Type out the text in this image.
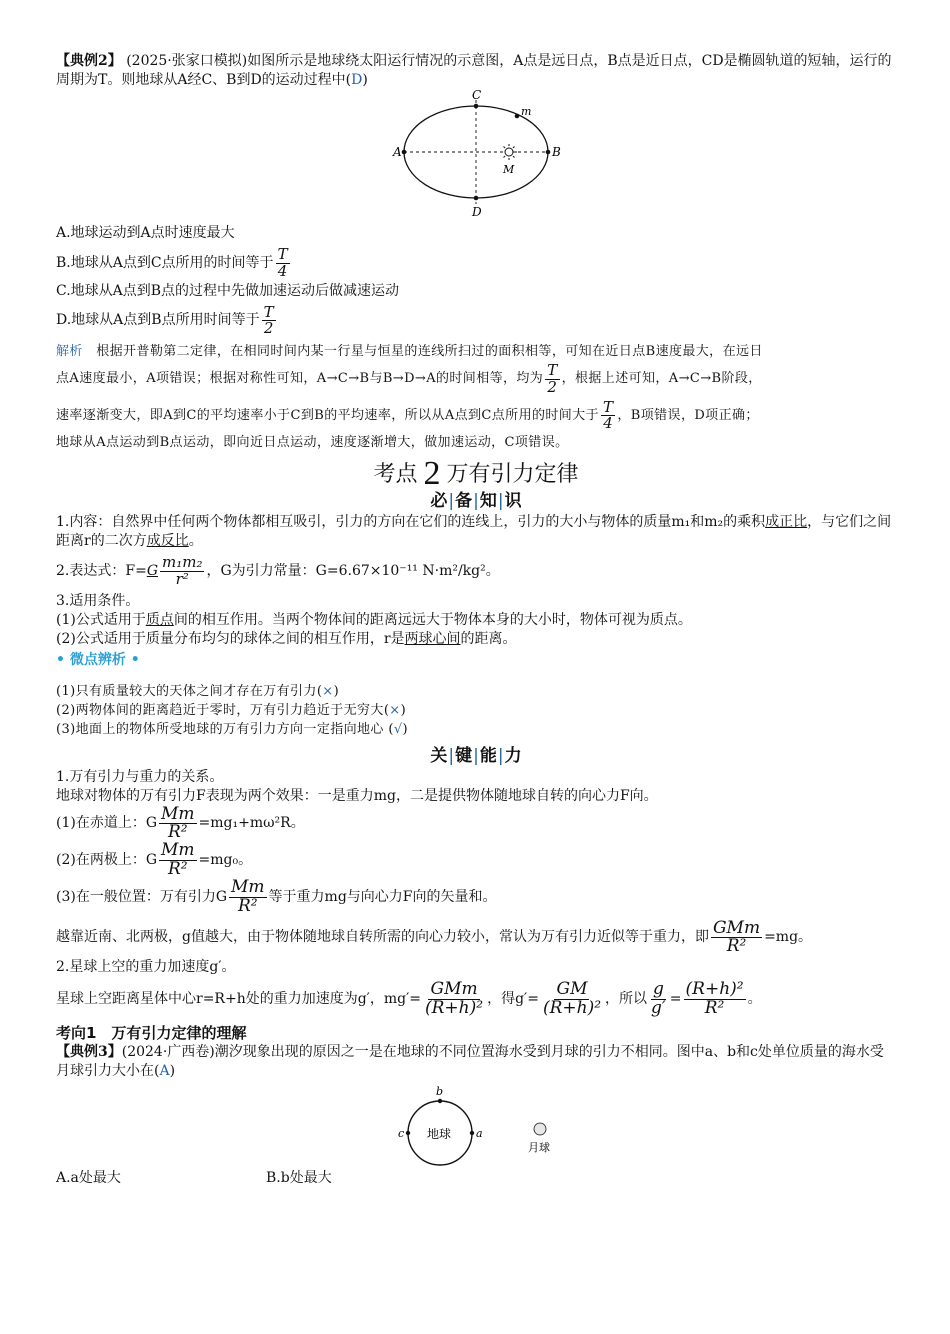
【典例2】 (2025·张家口模拟)如图所示是地球绕太阳运行情况的示意图，A点是远日点，B点是近日点，CD是椭圆轨道的短轴，运行的周期为T。则地球从A经C、B到D的运动过程中(D)

A	B
C
D
M
m

A.地球运动到A点时速度最大

B.地球从A点到C点所用的时间等于 $\frac{T}{4}$

C.地球从A点到B点的过程中先做加速运动后做减速运动

D.地球从A点到B点所用时间等于 $\frac{T}{2}$

解析　 根据开普勒第二定律，在相同时间内某一行星与恒星的连线所扫过的面积相等，可知在近日点B速度最大，在远日
点A速度最小，A项错误；根据对称性可知，A→C→B与B→D→A的时间相等，均为 $\frac{T}{2}$ ，根据上述可知，A→C→B阶段，
速率逐渐变大，即A到C的平均速率小于C到B的平均速率，所以从A点到C点所用的时间大于 $\frac{T}{4}$ ，B项错误，D项正确；
地球从A点运动到B点运动，即向近日点运动，速度逐渐增大，做加速运动，C项错误。
考点 2 万有引力定律
必|备|知|识

1.内容：自然界中任何两个物体都相互吸引，引力的方向在它们的连线上，引力的大小与物体的质量m₁和m₂的乘积成正比，与它们之间距离r的二次方成反比。

2.表达式：F= G $\frac{\text{m₁m₂}}{\text{r²}}$ ，G为引力常量：G=6.67×10⁻¹¹ N·m²/kg²。

3.适用条件。

(1)公式适用于质点间的相互作用。当两个物体间的距离远远大于物体本身的大小时，物体可视为质点。

(2)公式适用于质量分布均匀的球体之间的相互作用，r是两球心间的距离。

• 微点辨析 •

(1)只有质量较大的天体之间才存在万有引力(×)
(2)两物体间的距离趋近于零时，万有引力趋近于无穷大(×)
(3)地面上的物体所受地球的万有引力方向一定指向地心 (√)
关|键|能|力

1.万有引力与重力的关系。

地球对物体的万有引力F表现为两个效果：一是重力mg，二是提供物体随地球自转的向心力F向。

(1)在赤道上：G $\frac{Mm}{\text{R²}} =mg_1+m\omega^2R$。

(2)在两极上：G $\frac{Mm}{\text{R²}} =mg_0$。

(3)在一般位置：万有引力G $\frac{Mm}{\text{R²}}$ 等于重力mg与向心力F向的矢量和。

越靠近南、北两极，g值越大，由于物体随地球自转所需的向心力较小，常认为万有引力近似等于重力，即 $\frac{\text{GMm}}{\text{R²}} =mg$。

2.星球上空的重力加速度g′。

星球上空距离星体中心r=R+h处的重力加速度为g′，$mg'= \frac{\text{GMm}}{\text{(R+h)²}}$ ，得$g'= \frac{GM}{\text{(R+h)²}}$ ，所以 $\frac{g}{g'} = \frac{\text{(R+h)²}}{\text{R²}}$ 。

考向1　万有引力定律的理解

【典例3】(2024·广西卷)潮汐现象出现的原因之一是在地球的不同位置海水受到月球的引力不相同。图中a、b和c处单位质量的海水受月球引力大小在(A)

地球
月球
a
b
c
A.a处最大	B.b处最大
